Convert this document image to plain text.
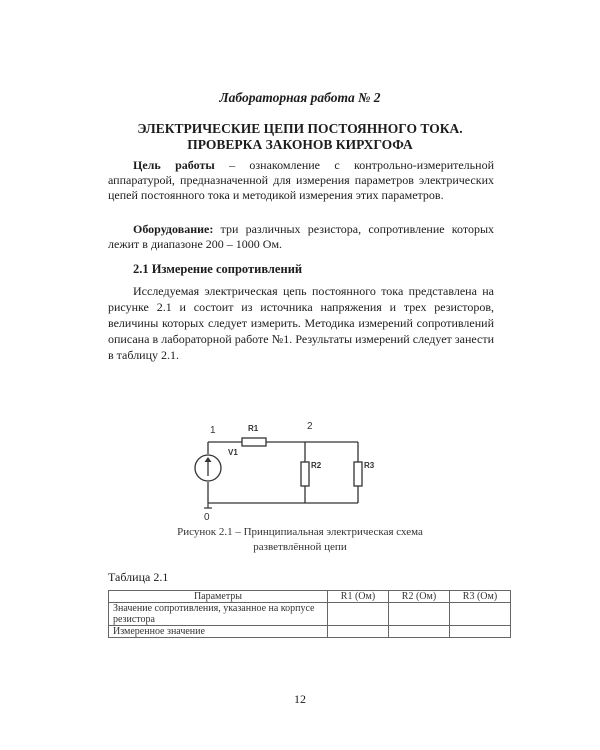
Лабораторная работа № 2
ЭЛЕКТРИЧЕСКИЕ ЦЕПИ ПОСТОЯННОГО ТОКА.
ПРОВЕРКА ЗАКОНОВ КИРХГОФА
Цель работы – ознакомление с контрольно-измерительной аппаратурой, предназначенной для измерения параметров электрических цепей постоянного тока и методикой измерения этих параметров.
Оборудование: три различных резистора, сопротивление которых лежит в диапазоне 200 – 1000 Ом.
2.1 Измерение сопротивлений
Исследуемая электрическая цепь постоянного тока представлена на рисунке 2.1 и состоит из источника напряжения и трех резисторов, величины которых следует измерить. Методика измерений сопротивлений описана в лабораторной работе №1. Результаты измерений следует занести в таблицу 2.1.
1	2
0
R1
V1
R2	R3
Рисунок 2.1 – Принципиальная электрическая схема
разветвлённой цепи
Таблица 2.1
Параметры	R1 (Ом)	R2 (Ом)	R3 (Ом)
Значение сопротивления, указанное на корпусе резистора			
Измеренное значение			
12
